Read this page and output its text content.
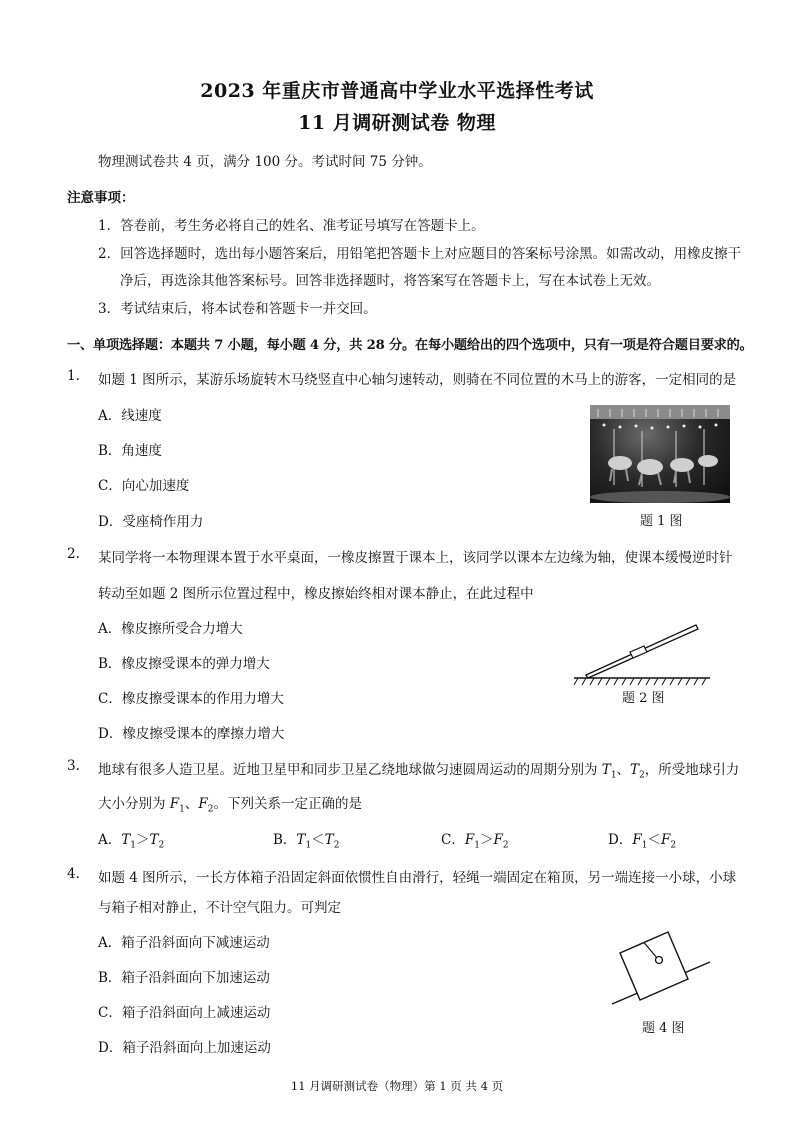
2023 年重庆市普通高中学业水平选择性考试
11 月调研测试卷 物理
物理测试卷共 4 页，满分 100 分。考试时间 75 分钟。
注意事项：
1．答卷前，考生务必将自己的姓名、准考证号填写在答题卡上。
2．回答选择题时，选出每小题答案后，用铅笔把答题卡上对应题目的答案标号涂黑。如需改动，用橡皮擦干
净后，再选涂其他答案标号。回答非选择题时，将答案写在答题卡上，写在本试卷上无效。
3．考试结束后，将本试卷和答题卡一并交回。
一、单项选择题：本题共 7 小题，每小题 4 分，共 28 分。在每小题给出的四个选项中，只有一项是符合题目要求的。
1. 如题 1 图所示，某游乐场旋转木马绕竖直中心轴匀速转动，则骑在不同位置的木马上的游客，一定相同的是
A．线速度
B．角速度
C．向心加速度
D．受座椅作用力	题 1 图
2. 某同学将一本物理课本置于水平桌面，一橡皮擦置于课本上，该同学以课本左边缘为轴，使课本缓慢逆时针
转动至如题 2 图所示位置过程中，橡皮擦始终相对课本静止，在此过程中
A．橡皮擦所受合力增大
B．橡皮擦受课本的弹力增大
C．橡皮擦受课本的作用力增大
D．橡皮擦受课本的摩擦力增大
题 2 图
3. 地球有很多人造卫星。近地卫星甲和同步卫星乙绕地球做匀速圆周运动的周期分别为 $T_1$、$T_2$，所受地球引力
大小分别为 $F_1$、$F_2$。下列关系一定正确的是
A．$T_1>T_2$	B．$T_1<T_2$	C．$F_1>F_2$	D．$F_1<F_2$
4. 如题 4 图所示，一长方体箱子沿固定斜面依惯性自由滑行，轻绳一端固定在箱顶，另一端连接一小球，小球
与箱子相对静止，不计空气阻力。可判定
A．箱子沿斜面向下减速运动
B．箱子沿斜面向下加速运动
C．箱子沿斜面向上减速运动
D．箱子沿斜面向上加速运动
题 4 图
11 月调研测试卷（物理）第 1 页 共 4 页
